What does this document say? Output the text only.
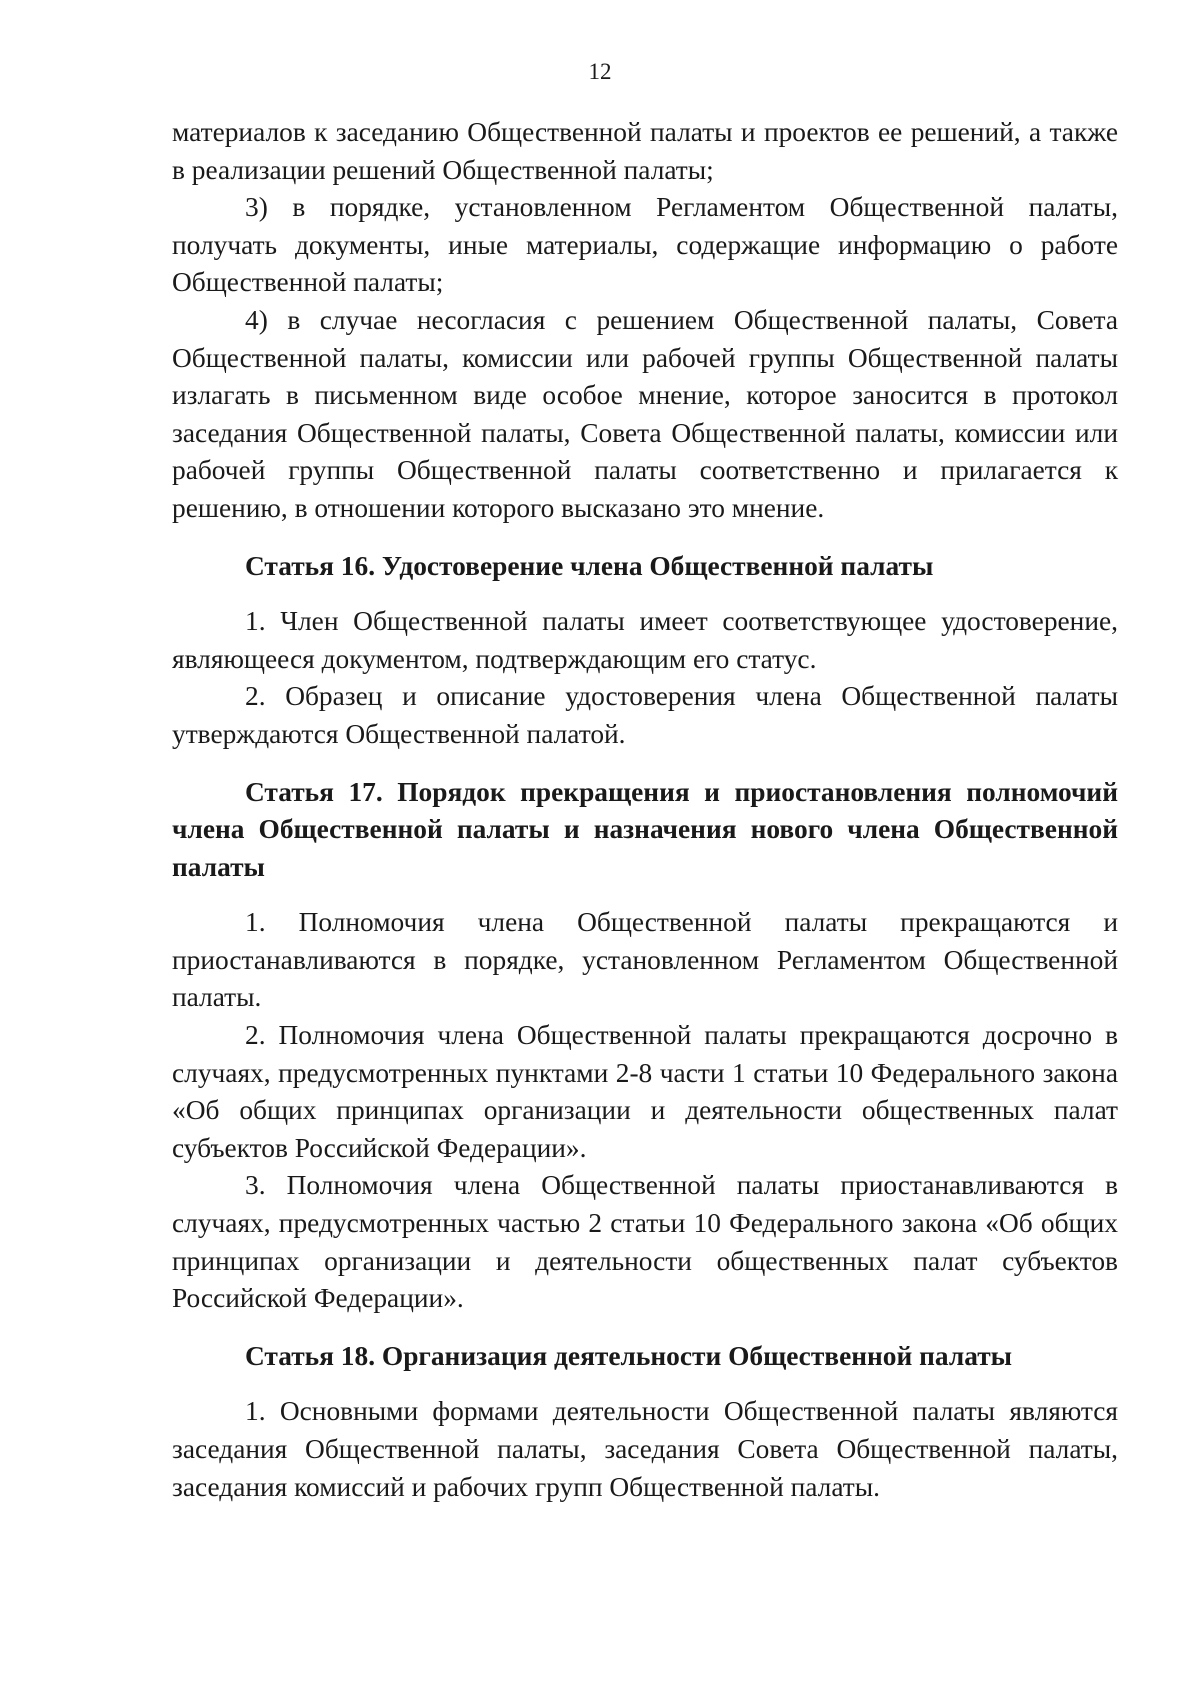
12

материалов к заседанию Общественной палаты и проектов ее решений, а также в реализации решений Общественной палаты;

3) в порядке, установленном Регламентом Общественной палаты, получать документы, иные материалы, содержащие информацию о работе Общественной палаты;

4) в случае несогласия с решением Общественной палаты, Совета Общественной палаты, комиссии или рабочей группы Общественной палаты излагать в письменном виде особое мнение, которое заносится в протокол заседания Общественной палаты, Совета Общественной палаты, комиссии или рабочей группы Общественной палаты соответственно и прилагается к решению, в отношении которого высказано это мнение.

Статья 16. Удостоверение члена Общественной палаты

1. Член Общественной палаты имеет соответствующее удостоверение, являющееся документом, подтверждающим его статус.

2. Образец и описание удостоверения члена Общественной палаты утверждаются Общественной палатой.

Статья 17. Порядок прекращения и приостановления полномочий члена Общественной палаты и назначения нового члена Общественной палаты

1. Полномочия члена Общественной палаты прекращаются и приостанавливаются в порядке, установленном Регламентом Общественной палаты.

2. Полномочия члена Общественной палаты прекращаются досрочно в случаях, предусмотренных пунктами 2-8 части 1 статьи 10 Федерального закона «Об общих принципах организации и деятельности общественных палат субъектов Российской Федерации».

3. Полномочия члена Общественной палаты приостанавливаются в случаях, предусмотренных частью 2 статьи 10 Федерального закона «Об общих принципах организации и деятельности общественных палат субъектов Российской Федерации».

Статья 18. Организация деятельности Общественной палаты

1. Основными формами деятельности Общественной палаты являются заседания Общественной палаты, заседания Совета Общественной палаты, заседания комиссий и рабочих групп Общественной палаты.
